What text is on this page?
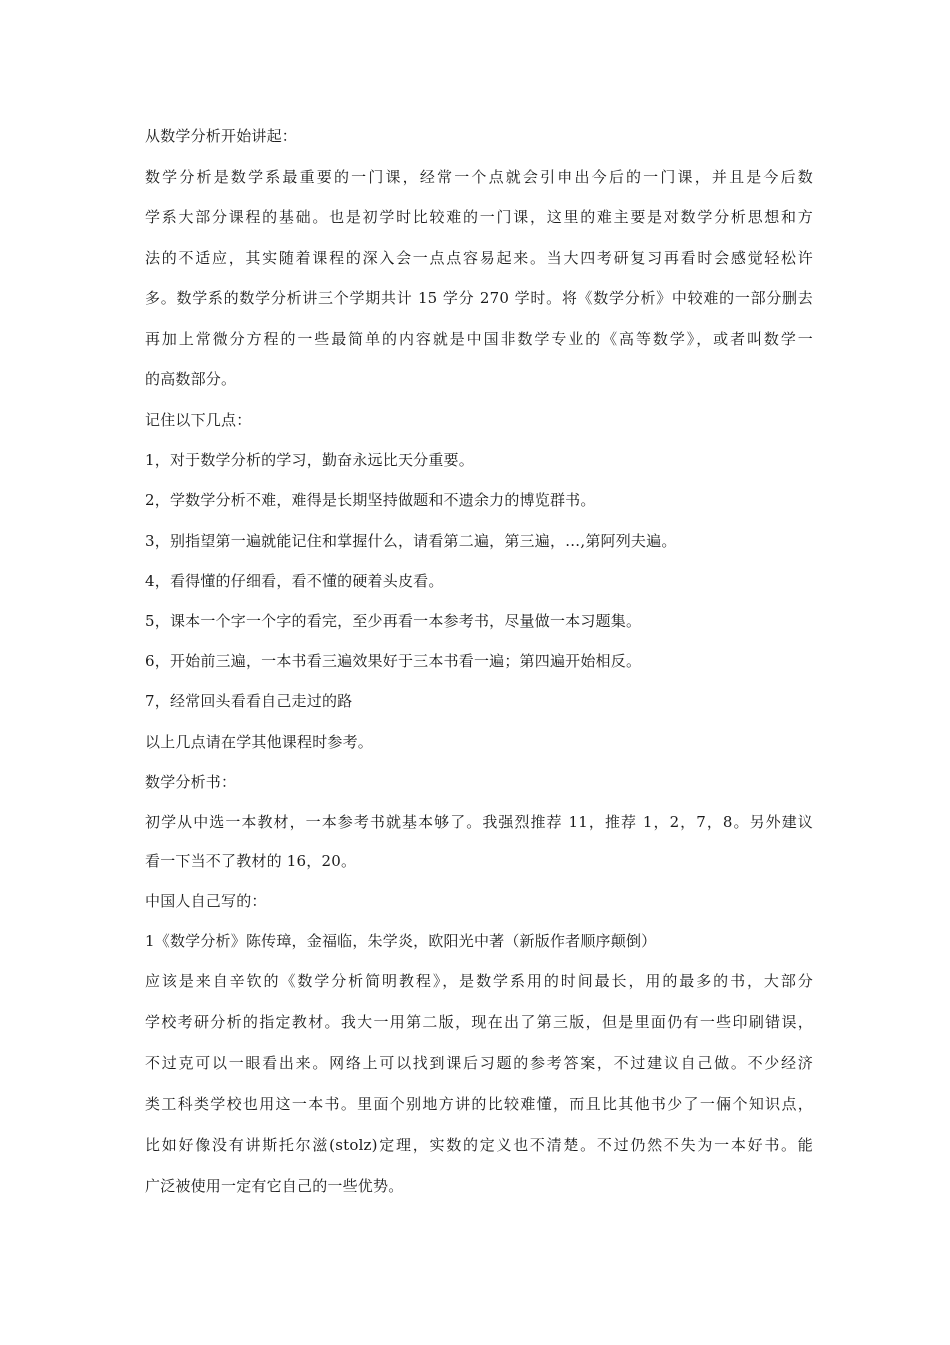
从数学分析开始讲起：
数学分析是数学系最重要的一门课，经常一个点就会引申出今后的一门课，并且是今后数
学系大部分课程的基础。也是初学时比较难的一门课，这里的难主要是对数学分析思想和方
法的不适应，其实随着课程的深入会一点点容易起来。当大四考研复习再看时会感觉轻松许
多。数学系的数学分析讲三个学期共计 15 学分 270 学时。将《数学分析》中较难的一部分删去
再加上常微分方程的一些最简单的内容就是中国非数学专业的《高等数学》，或者叫数学一
的高数部分。
记住以下几点：
1，对于数学分析的学习，勤奋永远比天分重要。
2，学数学分析不难，难得是长期坚持做题和不遗余力的博览群书。
3，别指望第一遍就能记住和掌握什么，请看第二遍，第三遍，…,第阿列夫遍。
4，看得懂的仔细看，看不懂的硬着头皮看。
5，课本一个字一个字的看完，至少再看一本参考书，尽量做一本习题集。
6，开始前三遍，一本书看三遍效果好于三本书看一遍；第四遍开始相反。
7，经常回头看看自己走过的路
以上几点请在学其他课程时参考。
数学分析书：
初学从中选一本教材，一本参考书就基本够了。我强烈推荐 11，推荐 1，2，7，8。另外建议
看一下当不了教材的 16，20。
中国人自己写的：
1《数学分析》陈传璋，金福临，朱学炎，欧阳光中著（新版作者顺序颠倒）
应该是来自辛钦的《数学分析简明教程》，是数学系用的时间最长，用的最多的书，大部分
学校考研分析的指定教材。我大一用第二版，现在出了第三版，但是里面仍有一些印刷错误，
不过克可以一眼看出来。网络上可以找到课后习题的参考答案，不过建议自己做。不少经济
类工科类学校也用这一本书。里面个别地方讲的比较难懂，而且比其他书少了一倆个知识点，
比如好像没有讲斯托尔滋(stolz)定理，实数的定义也不清楚。不过仍然不失为一本好书。能
广泛被使用一定有它自己的一些优势。
